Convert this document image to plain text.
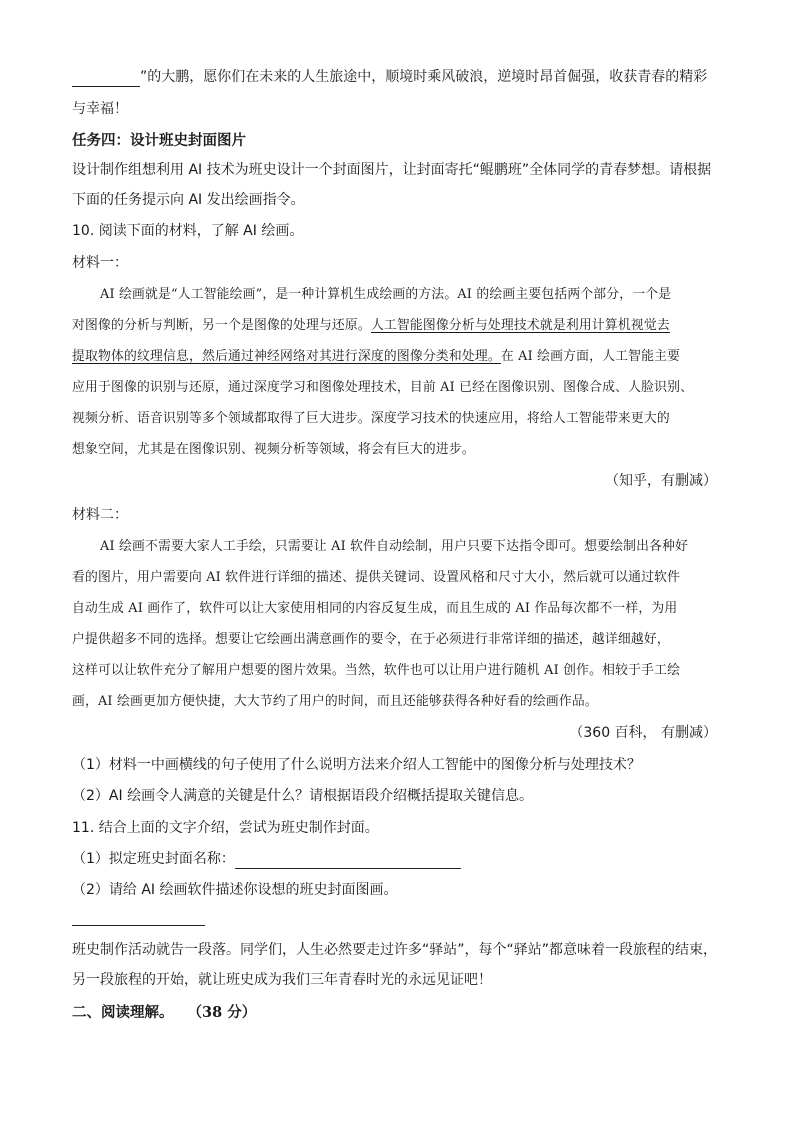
”的大鹏，愿你们在未来的人生旅途中，顺境时乘风破浪，逆境时昂首倔强，收获青春的精彩
与幸福！
任务四：设计班史封面图片
设计制作组想利用 AI 技术为班史设计一个封面图片，让封面寄托“鲲鹏班”全体同学的青春梦想。请根据
下面的任务提示向 AI 发出绘画指令。
10. 阅读下面的材料，了解 AI 绘画。
材料一：
AI 绘画就是“人工智能绘画”，是一种计算机生成绘画的方法。AI 的绘画主要包括两个部分，一个是
对图像的分析与判断，另一个是图像的处理与还原。人工智能图像分析与处理技术就是利用计算机视觉去
提取物体的纹理信息，然后通过神经网络对其进行深度的图像分类和处理。在 AI 绘画方面，人工智能主要
应用于图像的识别与还原，通过深度学习和图像处理技术，目前 AI 已经在图像识别、图像合成、人脸识别、
视频分析、语音识别等多个领域都取得了巨大进步。深度学习技术的快速应用，将给人工智能带来更大的
想象空间，尤其是在图像识别、视频分析等领域，将会有巨大的进步。
（知乎，有删减）
材料二：
AI 绘画不需要大家人工手绘，只需要让 AI 软件自动绘制，用户只要下达指令即可。想要绘制出各种好
看的图片，用户需要向 AI 软件进行详细的描述、提供关键词、设置风格和尺寸大小，然后就可以通过软件
自动生成 AI 画作了，软件可以让大家使用相同的内容反复生成，而且生成的 AI 作品每次都不一样，为用
户提供超多不同的选择。想要让它绘画出满意画作的要令，在于必须进行非常详细的描述，越详细越好，
这样可以让软件充分了解用户想要的图片效果。当然，软件也可以让用户进行随机 AI 创作。相较于手工绘
画，AI 绘画更加方便快捷，大大节约了用户的时间，而且还能够获得各种好看的绘画作品。
（360 百科， 有删减）
（1）材料一中画横线的句子使用了什么说明方法来介绍人工智能中的图像分析与处理技术？
（2）AI 绘画令人满意的关键是什么？请根据语段介绍概括提取关键信息。
11. 结合上面的文字介绍，尝试为班史制作封面。
（1）拟定班史封面名称：
（2）请给 AI 绘画软件描述你设想的班史封面图画。
班史制作活动就告一段落。同学们，人生必然要走过许多“驿站”，每个“驿站”都意味着一段旅程的结束，
另一段旅程的开始，就让班史成为我们三年青春时光的永远见证吧！
二、阅读理解。 （38 分）
